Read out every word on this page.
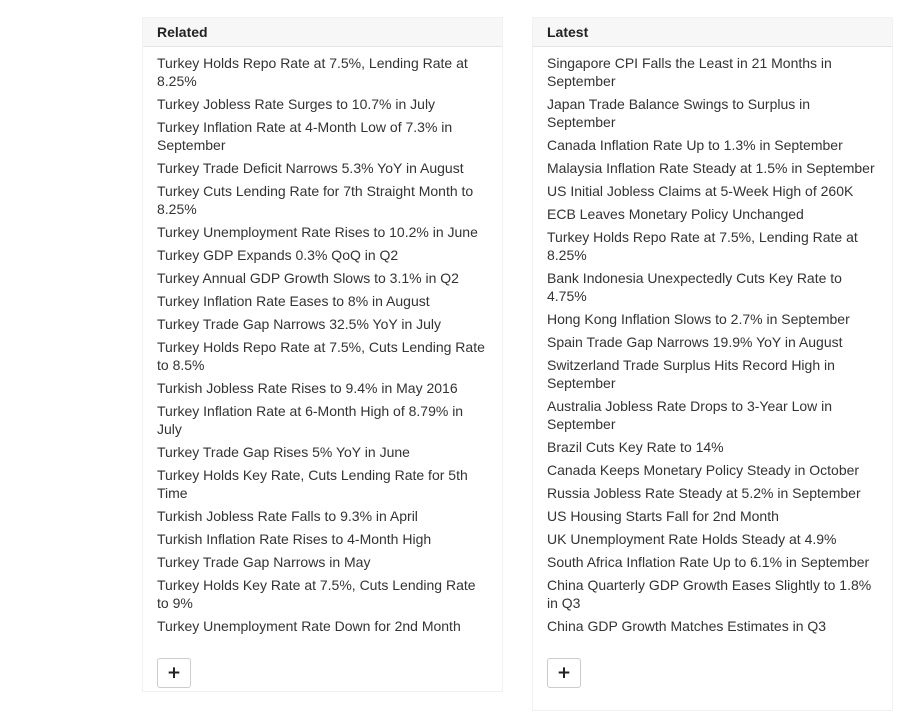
Related
Turkey Holds Repo Rate at 7.5%, Lending Rate at 8.25%
Turkey Jobless Rate Surges to 10.7% in July
Turkey Inflation Rate at 4-Month Low of 7.3% in September
Turkey Trade Deficit Narrows 5.3% YoY in August
Turkey Cuts Lending Rate for 7th Straight Month to 8.25%
Turkey Unemployment Rate Rises to 10.2% in June
Turkey GDP Expands 0.3% QoQ in Q2
Turkey Annual GDP Growth Slows to 3.1% in Q2
Turkey Inflation Rate Eases to 8% in August
Turkey Trade Gap Narrows 32.5% YoY in July
Turkey Holds Repo Rate at 7.5%, Cuts Lending Rate to 8.5%
Turkish Jobless Rate Rises to 9.4% in May 2016
Turkey Inflation Rate at 6-Month High of 8.79% in July
Turkey Trade Gap Rises 5% YoY in June
Turkey Holds Key Rate, Cuts Lending Rate for 5th Time
Turkish Jobless Rate Falls to 9.3% in April
Turkish Inflation Rate Rises to 4-Month High
Turkey Trade Gap Narrows in May
Turkey Holds Key Rate at 7.5%, Cuts Lending Rate to 9%
Turkey Unemployment Rate Down for 2nd Month
+
Latest
Singapore CPI Falls the Least in 21 Months in September
Japan Trade Balance Swings to Surplus in September
Canada Inflation Rate Up to 1.3% in September
Malaysia Inflation Rate Steady at 1.5% in September
US Initial Jobless Claims at 5-Week High of 260K
ECB Leaves Monetary Policy Unchanged
Turkey Holds Repo Rate at 7.5%, Lending Rate at 8.25%
Bank Indonesia Unexpectedly Cuts Key Rate to 4.75%
Hong Kong Inflation Slows to 2.7% in September
Spain Trade Gap Narrows 19.9% YoY in August
Switzerland Trade Surplus Hits Record High in September
Australia Jobless Rate Drops to 3-Year Low in September
Brazil Cuts Key Rate to 14%
Canada Keeps Monetary Policy Steady in October
Russia Jobless Rate Steady at 5.2% in September
US Housing Starts Fall for 2nd Month
UK Unemployment Rate Holds Steady at 4.9%
South Africa Inflation Rate Up to 6.1% in September
China Quarterly GDP Growth Eases Slightly to 1.8% in Q3
China GDP Growth Matches Estimates in Q3
+
